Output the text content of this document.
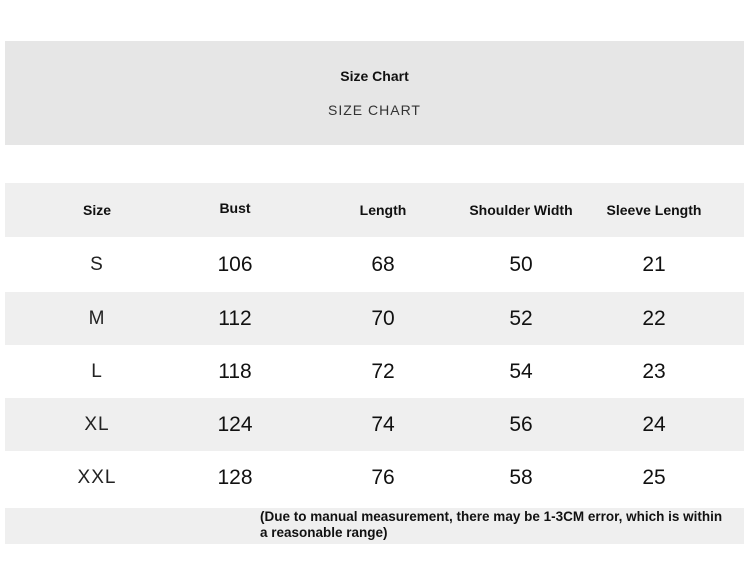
Size Chart
SIZE CHART
Size	Bust	Length	Shoulder Width	Sleeve Length
S	106	68	50	21
M	112	70	52	22
L	118	72	54	23
XL	124	74	56	24
XXL	128	76	58	25
(Due to manual measurement, there may be 1-3CM error, which is within a reasonable range)
